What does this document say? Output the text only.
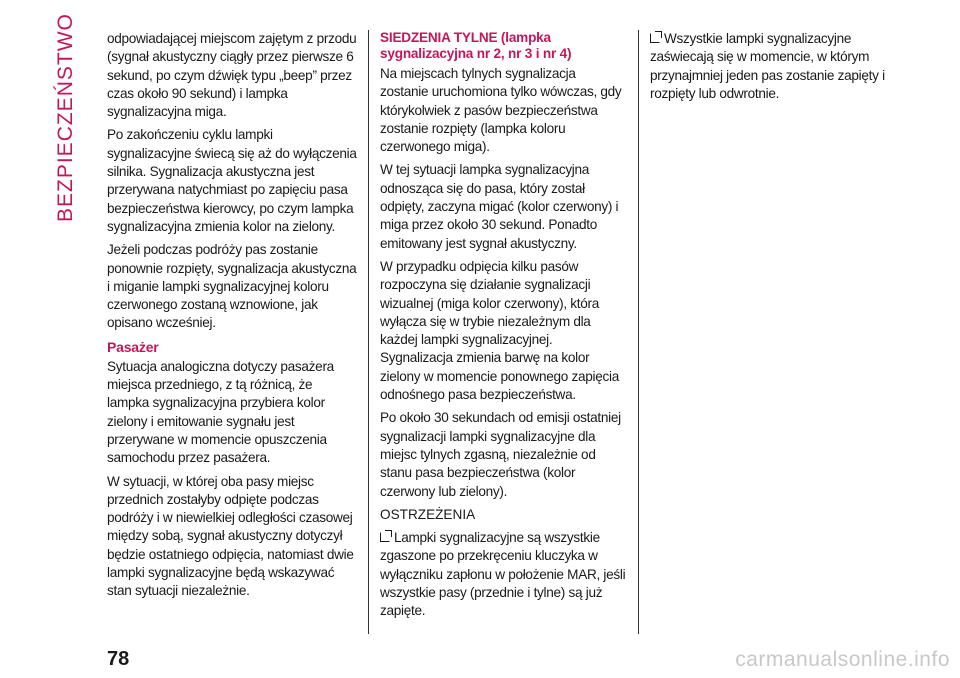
BEZPIECZEŃSTWO odpowiadającej miejscom zajętym z przodu (sygnał akustyczny ciągły przez pierwsze 6 sekund, po czym dźwięk typu „beep” przez czas około 90 sekund) i lampka sygnalizacyjna miga.

Po zakończeniu cyklu lampki sygnalizacyjne świecą się aż do wyłączenia silnika. Sygnalizacja akustyczna jest przerywana natychmiast po zapięciu pasa bezpieczeństwa kierowcy, po czym lampka sygnalizacyjna zmienia kolor na zielony.

Jeżeli podczas podróży pas zostanie ponownie rozpięty, sygnalizacja akustyczna i miganie lampki sygnalizacyjnej koloru czerwonego zostaną wznowione, jak opisano wcześniej.

Pasażer

Sytuacja analogiczna dotyczy pasażera miejsca przedniego, z tą różnicą, że lampka sygnalizacyjna przybiera kolor zielony i emitowanie sygnału jest przerywane w momencie opuszczenia samochodu przez pasażera.

W sytuacji, w której oba pasy miejsc przednich zostałyby odpięte podczas podróży i w niewielkiej odległości czasowej między sobą, sygnał akustyczny dotyczył będzie ostatniego odpięcia, natomiast dwie lampki sygnalizacyjne będą wskazywać stan sytuacji niezależnie.

SIEDZENIA TYLNE (lampka sygnalizacyjna nr 2, nr 3 i nr 4)

Na miejscach tylnych sygnalizacja zostanie uruchomiona tylko wówczas, gdy którykolwiek z pasów bezpieczeństwa zostanie rozpięty (lampka koloru czerwonego miga).

W tej sytuacji lampka sygnalizacyjna odnosząca się do pasa, który został odpięty, zaczyna migać (kolor czerwony) i miga przez około 30 sekund. Ponadto emitowany jest sygnał akustyczny.

W przypadku odpięcia kilku pasów rozpoczyna się działanie sygnalizacji wizualnej (miga kolor czerwony), która wyłącza się w trybie niezależnym dla każdej lampki sygnalizacyjnej. Sygnalizacja zmienia barwę na kolor zielony w momencie ponownego zapięcia odnośnego pasa bezpieczeństwa.

Po około 30 sekundach od emisji ostatniej sygnalizacji lampki sygnalizacyjne dla miejsc tylnych zgasną, niezależnie od stanu pasa bezpieczeństwa (kolor czerwony lub zielony).

OSTRZEŻENIA

Lampki sygnalizacyjne są wszystkie zgaszone po przekręceniu kluczyka w wyłączniku zapłonu w położenie MAR, jeśli wszystkie pasy (przednie i tylne) są już zapięte.

Wszystkie lampki sygnalizacyjne zaświecają się w momencie, w którym przynajmniej jeden pas zostanie zapięty i rozpięty lub odwrotnie.

78	carmanualsonline.info
